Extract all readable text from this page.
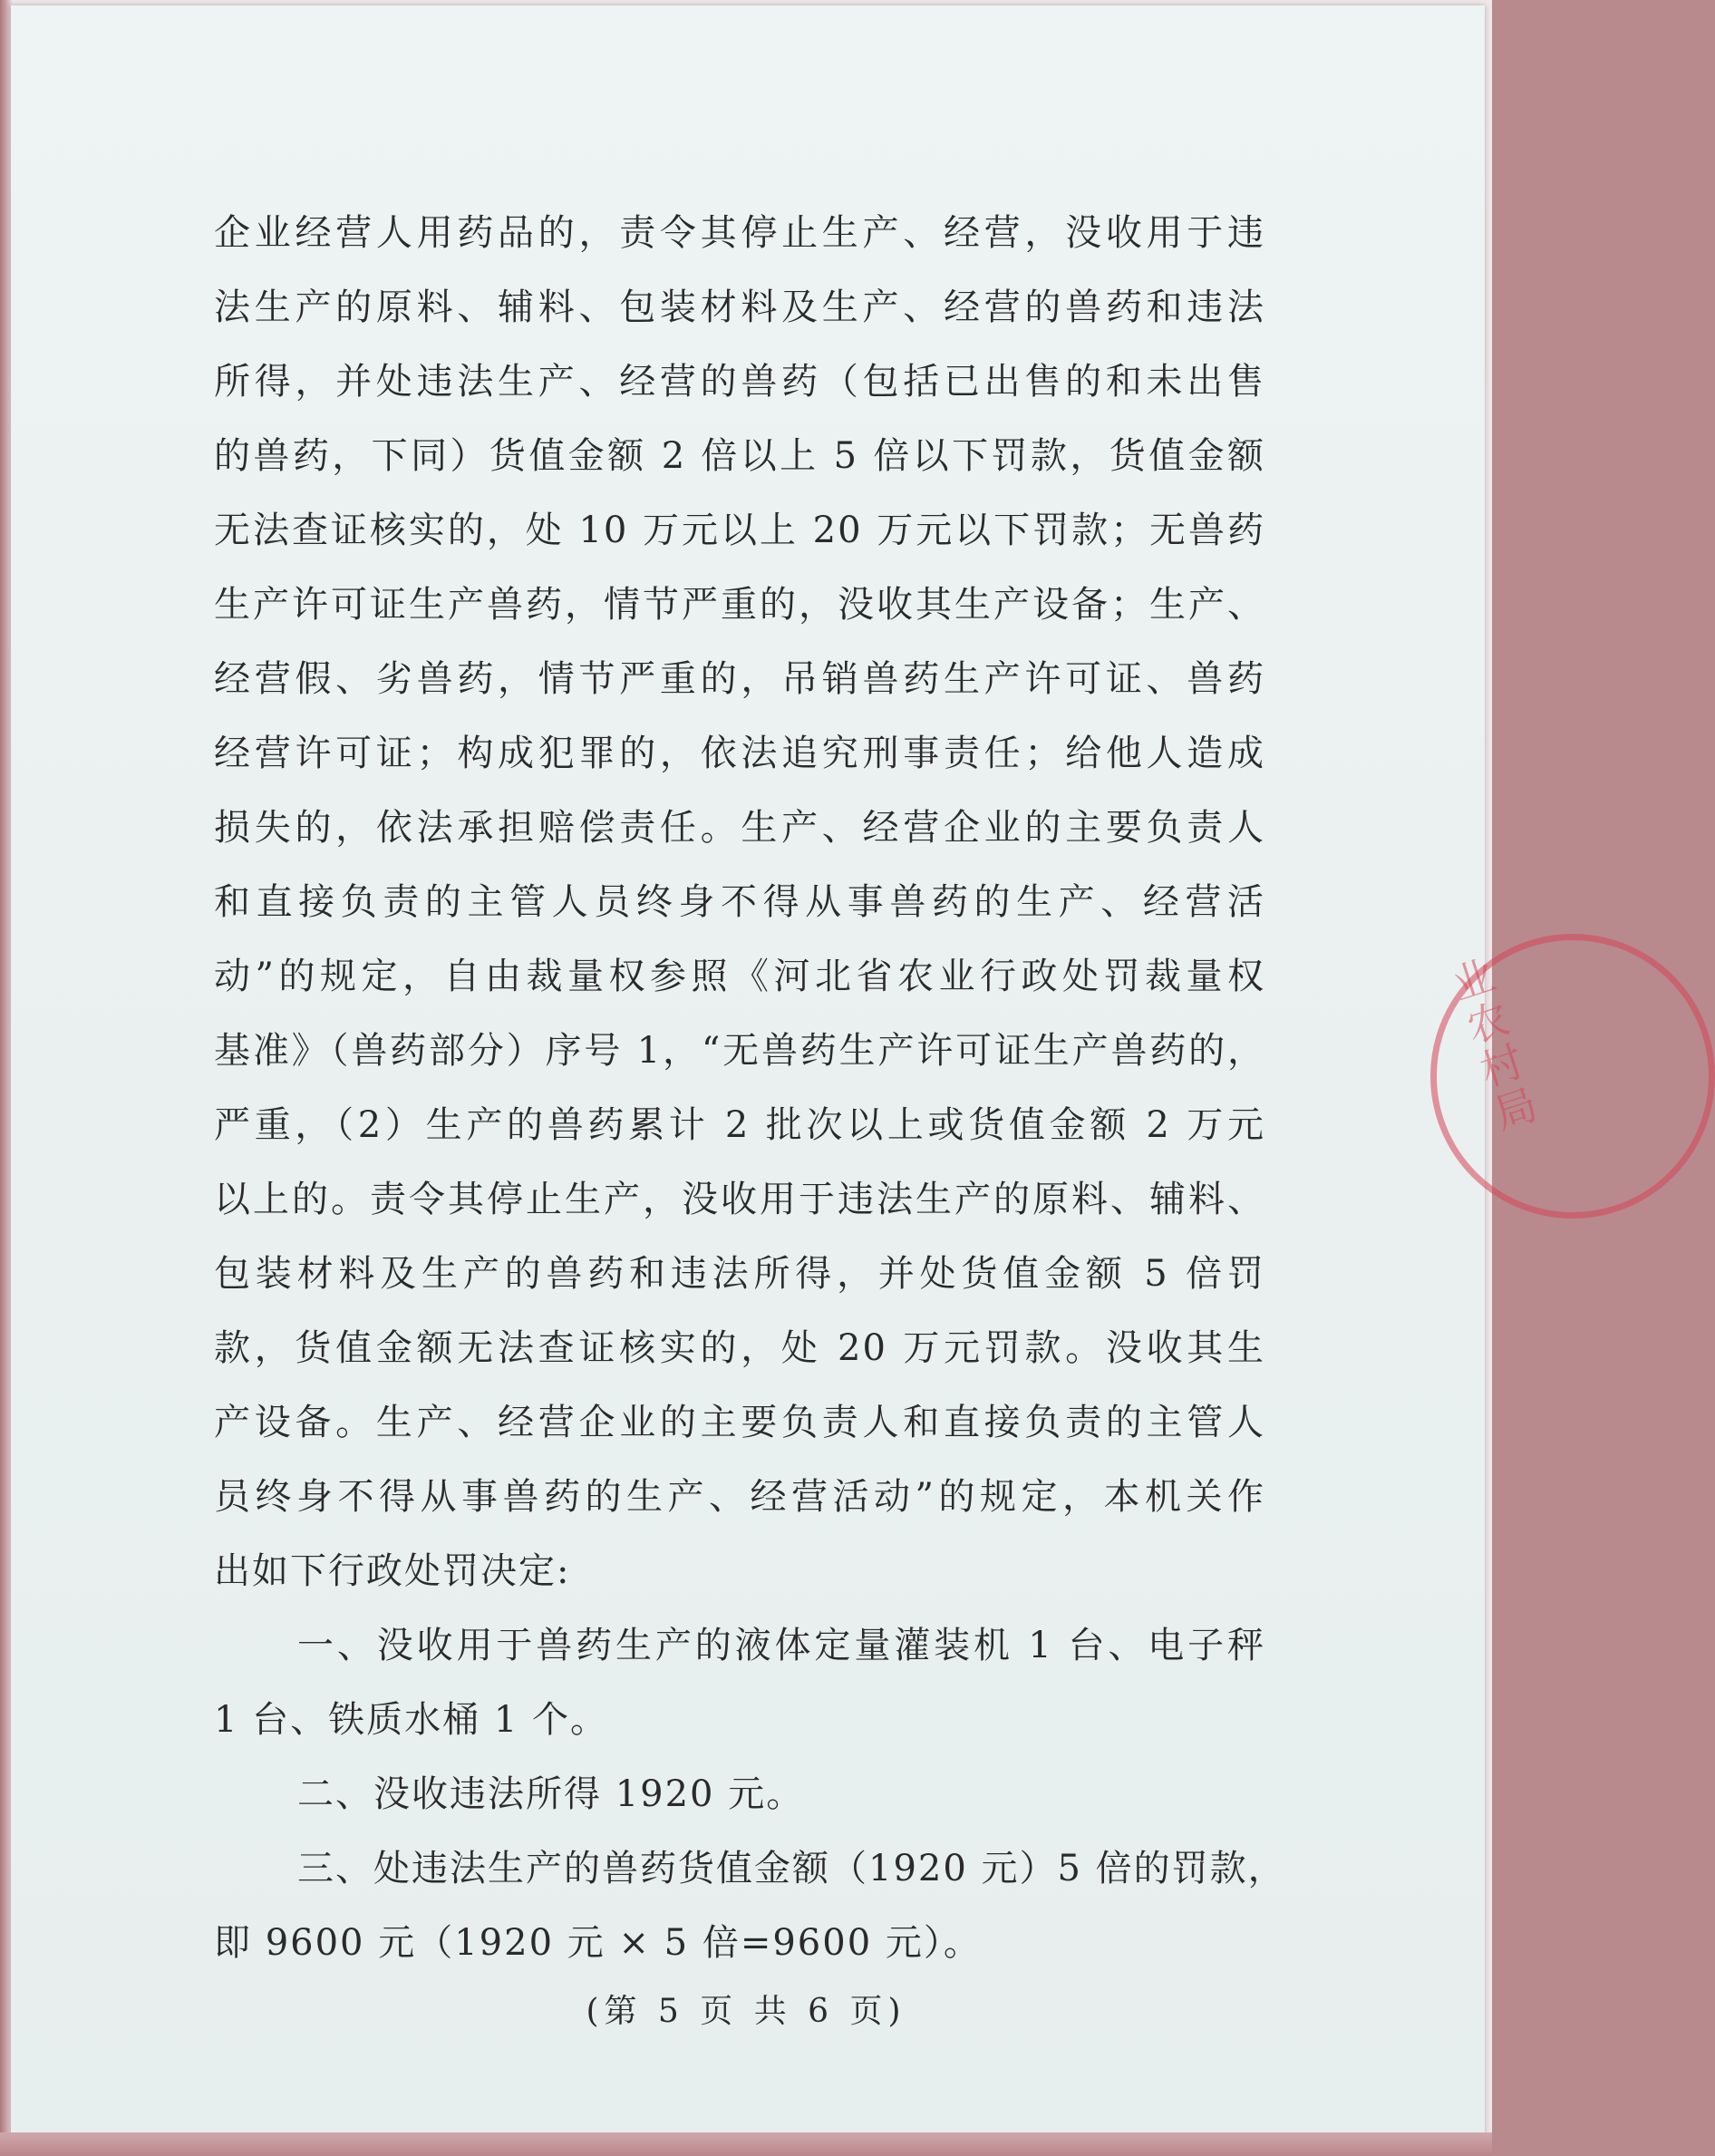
企业经营人用药品的，责令其停止生产、经营，没收用于违
法生产的原料、辅料、包装材料及生产、经营的兽药和违法
所得，并处违法生产、经营的兽药（包括已出售的和未出售
的兽药，下同）货值金额 2 倍以上 5 倍以下罚款，货值金额
无法查证核实的，处 10 万元以上 20 万元以下罚款；无兽药
生产许可证生产兽药，情节严重的，没收其生产设备；生产、
经营假、劣兽药，情节严重的，吊销兽药生产许可证、兽药
经营许可证；构成犯罪的，依法追究刑事责任；给他人造成
损失的，依法承担赔偿责任。生产、经营企业的主要负责人
和直接负责的主管人员终身不得从事兽药的生产、经营活
动”的规定，自由裁量权参照《河北省农业行政处罚裁量权
基准》（兽药部分）序号 1，“无兽药生产许可证生产兽药的，
严重，（2）生产的兽药累计 2 批次以上或货值金额 2 万元
以上的。责令其停止生产，没收用于违法生产的原料、辅料、
包装材料及生产的兽药和违法所得，并处货值金额 5 倍罚
款，货值金额无法查证核实的，处 20 万元罚款。没收其生
产设备。生产、经营企业的主要负责人和直接负责的主管人
员终身不得从事兽药的生产、经营活动”的规定，本机关作
出如下行政处罚决定:
一、没收用于兽药生产的液体定量灌装机 1 台、电子秤
1 台、铁质水桶 1 个。
二、没收违法所得 1920 元。
三、处违法生产的兽药货值金额（1920 元）5 倍的罚款，
即 9600 元（1920 元 × 5 倍=9600 元）。
(第 5 页 共 6 页)
业农村局
